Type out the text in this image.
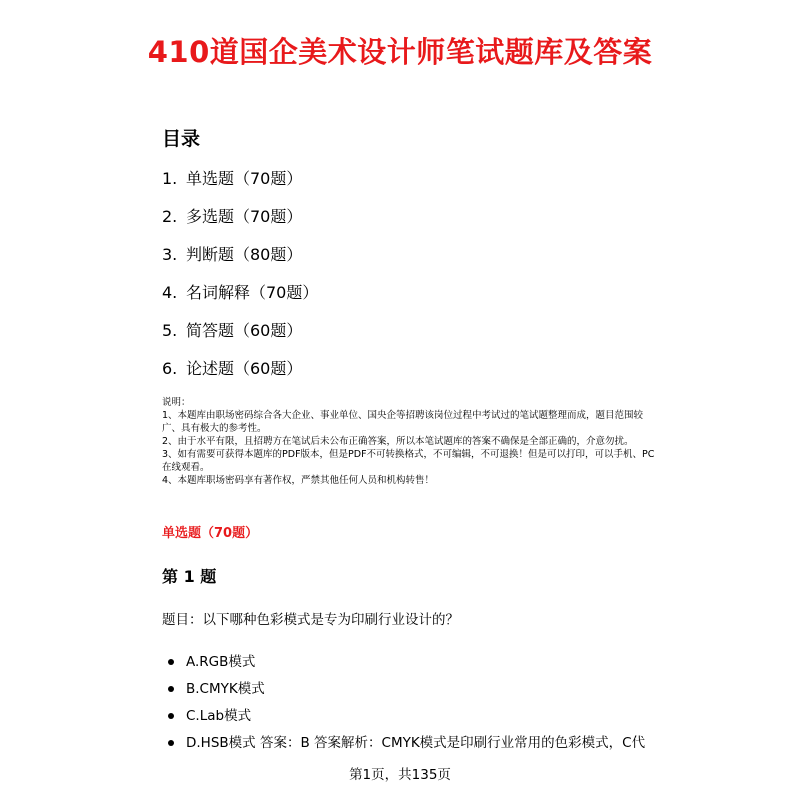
410道国企美术设计师笔试题库及答案
目录
1. 单选题（70题）
2. 多选题（70题）
3. 判断题（80题）
4. 名词解释（70题）
5. 简答题（60题）
6. 论述题（60题）

说明：

1、本题库由职场密码综合各大企业、事业单位、国央企等招聘该岗位过程中考试过的笔试题整理而成，题目范围较广、具有极大的参考性。

2、由于水平有限，且招聘方在笔试后未公布正确答案，所以本笔试题库的答案不确保是全部正确的，介意勿扰。

3、如有需要可获得本题库的PDF版本，但是PDF不可转换格式，不可编辑，不可退换！但是可以打印，可以手机、PC在线观看。

4、本题库职场密码享有著作权，严禁其他任何人员和机构转售！

单选题（70题）
第 1 题
题目：以下哪种色彩模式是专为印刷行业设计的？
A.RGB模式
B.CMYK模式
C.Lab模式
D.HSB模式 答案：B 答案解析：CMYK模式是印刷行业常用的色彩模式，C代
第1页，共135页
